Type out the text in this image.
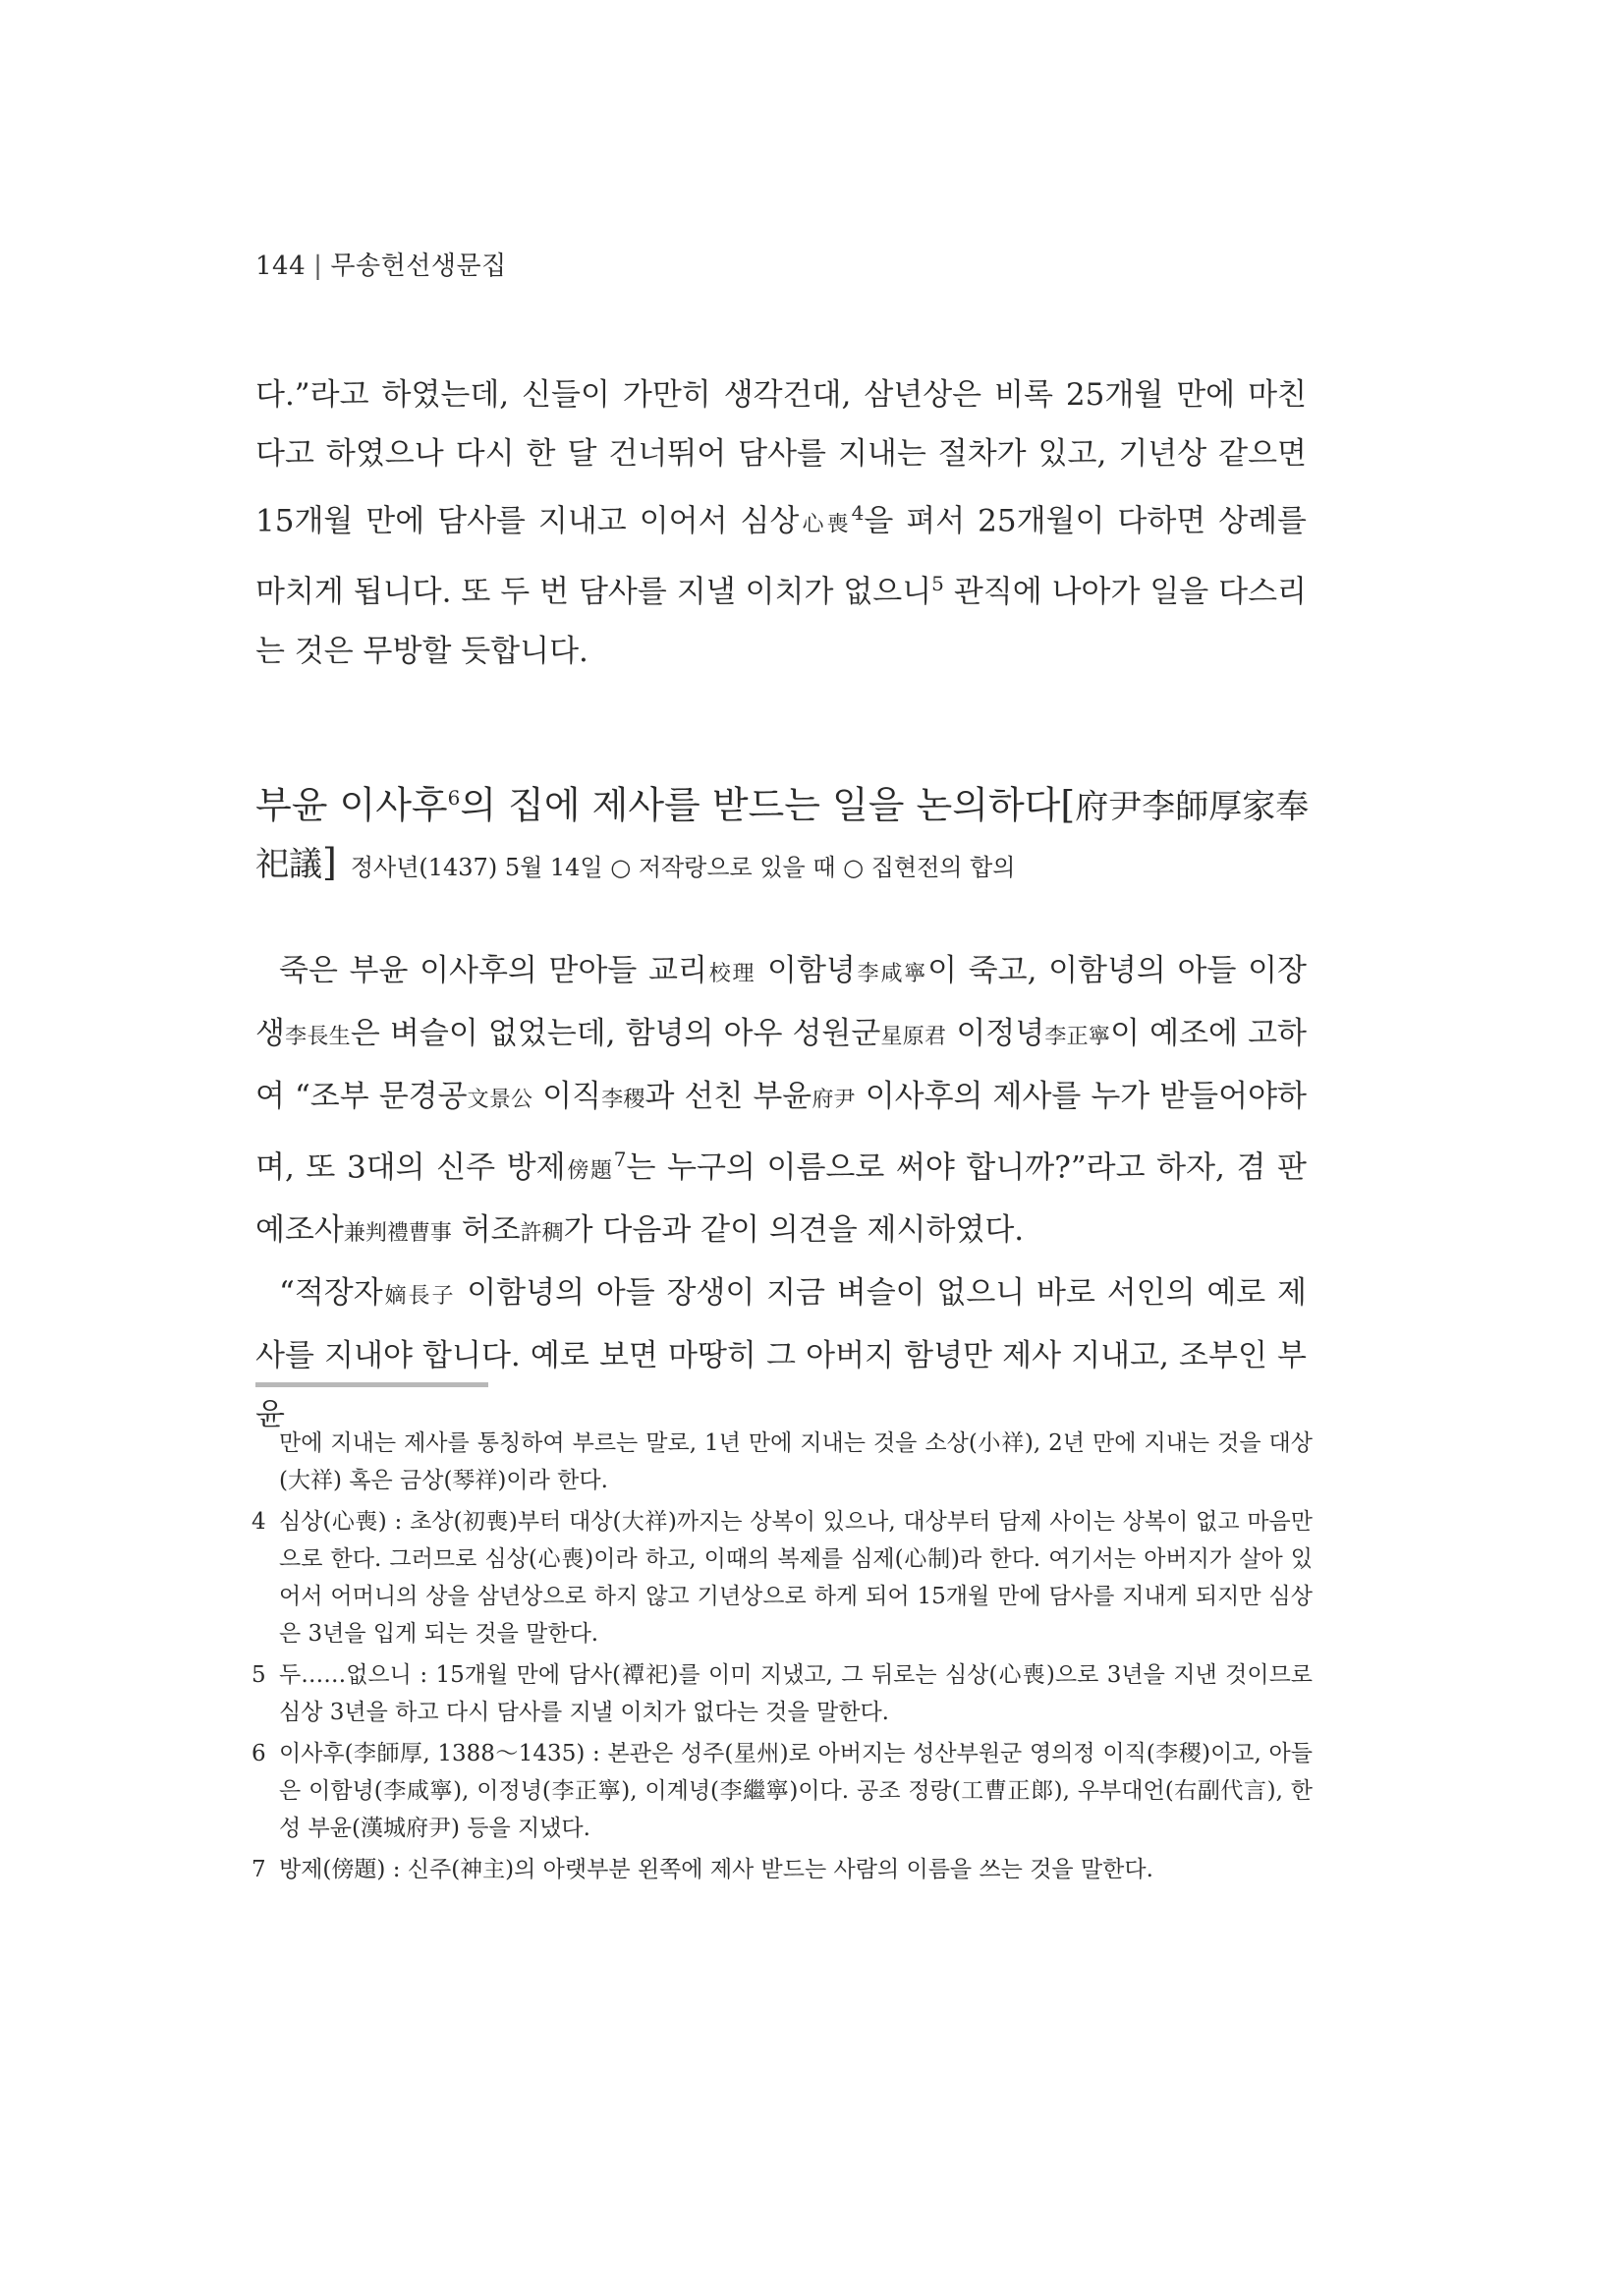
144 | 무송헌선생문집

다.”라고 하였는데, 신들이 가만히 생각건대, 삼년상은 비록 25개월 만에 마친다고 하였으나 다시 한 달 건너뛰어 담사를 지내는 절차가 있고, 기년상 같으면 15개월 만에 담사를 지내고 이어서 심상心喪$^4$을 펴서 25개월이 다하면 상례를 마치게 됩니다. 또 두 번 담사를 지낼 이치가 없으니$^5$ 관직에 나아가 일을 다스리는 것은 무방할 듯합니다.

부윤 이사후$^6$의 집에 제사를 받드는 일을 논의하다[府尹李師厚家奉祀議] 정사년(1437) 5월 14일 ○ 저작랑으로 있을 때 ○ 집현전의 합의

죽은 부윤 이사후의 맏아들 교리校理 이함녕李咸寧이 죽고, 이함녕의 아들 이장생李長生은 벼슬이 없었는데, 함녕의 아우 성원군星原君 이정녕李正寧이 예조에 고하여 “조부 문경공文景公 이직李稷과 선친 부윤府尹 이사후의 제사를 누가 받들어야하며, 또 3대의 신주 방제傍題$^7$는 누구의 이름으로 써야 합니까?”라고 하자, 겸 판예조사兼判禮曹事 허조許稠가 다음과 같이 의견을 제시하였다.

“적장자嫡長子 이함녕의 아들 장생이 지금 벼슬이 없으니 바로 서인의 예로 제사를 지내야 합니다. 예로 보면 마땅히 그 아버지 함녕만 제사 지내고, 조부인 부윤

만에 지내는 제사를 통칭하여 부르는 말로, 1년 만에 지내는 것을 소상(小祥), 2년 만에 지내는 것을 대상(大祥) 혹은 금상(琴祥)이라 한다.
4 심상(心喪) : 초상(初喪)부터 대상(大祥)까지는 상복이 있으나, 대상부터 담제 사이는 상복이 없고 마음만으로 한다. 그러므로 심상(心喪)이라 하고, 이때의 복제를 심제(心制)라 한다. 여기서는 아버지가 살아 있어서 어머니의 상을 삼년상으로 하지 않고 기년상으로 하게 되어 15개월 만에 담사를 지내게 되지만 심상은 3년을 입게 되는 것을 말한다.
5 두……없으니 : 15개월 만에 담사(禫祀)를 이미 지냈고, 그 뒤로는 심상(心喪)으로 3년을 지낸 것이므로 심상 3년을 하고 다시 담사를 지낼 이치가 없다는 것을 말한다.
6 이사후(李師厚, 1388～1435) : 본관은 성주(星州)로 아버지는 성산부원군 영의정 이직(李稷)이고, 아들은 이함녕(李咸寧), 이정녕(李正寧), 이계녕(李繼寧)이다. 공조 정랑(工曹正郞), 우부대언(右副代言), 한성 부윤(漢城府尹) 등을 지냈다.
7 방제(傍題) : 신주(神主)의 아랫부분 왼쪽에 제사 받드는 사람의 이름을 쓰는 것을 말한다.
